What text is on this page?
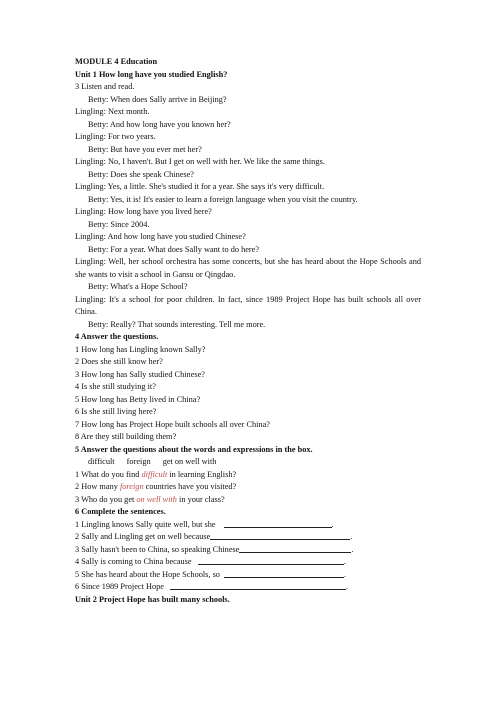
MODULE 4 Education
Unit 1 How long have you studied English?
3 Listen and read.
Betty: When does Sally arrive in Beijing?
Lingling: Next month.
Betty: And how long have you known her?
Lingling: For two years.
Betty: But have you ever met her?
Lingling: No, I haven't. But I get on well with her. We like the same things.
Betty: Does she speak Chinese?
Lingling: Yes, a little. She's studied it for a year. She says it's very difficult.
Betty: Yes, it is! It's easier to learn a foreign language when you visit the country.
Lingling: How long have you lived here?
Betty: Since 2004.
Lingling: And how long have you studied Chinese?
Betty: For a year. What does Sally want to do here?
Lingling: Well, her school orchestra has some concerts, but she has heard about the Hope Schools and she wants to visit a school in Gansu or Qingdao.
Betty: What's a Hope School?
Lingling: It's a school for poor children. In fact, since 1989 Project Hope has built schools all over China.
Betty: Really? That sounds interesting. Tell me more.
4 Answer the questions.
1 How long has Lingling known Sally?
2 Does she still know her?
3 How long has Sally studied Chinese?
4 Is she still studying it?
5 How long has Betty lived in China?
6 Is she still living here?
7 How long has Project Hope built schools all over China?
8 Are they still building them?
5 Answer the questions about the words and expressions in the box.
difficult foreign get on well with
1 What do you find difficult in learning English?
2 How many foreign countries have you visited?
3 Who do you get on well with in your class?
6 Complete the sentences.
1 Lingling knows Sally quite well, but she	.
2 Sally and Lingling get on well because	.
3 Sally hasn't been to China, so speaking Chinese	.
4 Sally is coming to China because	.
5 She has heard about the Hope Schools, so	.
6 Since 1989 Project Hope	.
Unit 2 Project Hope has built many schools.
